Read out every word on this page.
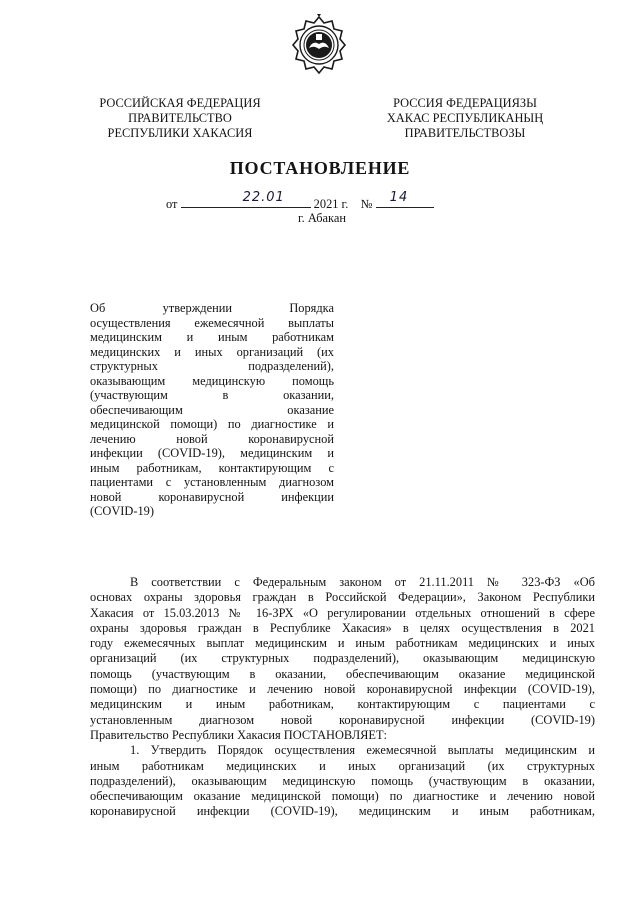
РОССИЙСКАЯ ФЕДЕРАЦИЯ
ПРАВИТЕЛЬСТВО
РЕСПУБЛИКИ ХАКАСИЯ
РОССИЯ ФЕДЕРАЦИЯЗЫ
ХАКАС РЕСПУБЛИКАНЫҢ
ПРАВИТЕЛЬСТВОЗЫ
ПОСТАНОВЛЕНИЕ
от	22.01 2021 г. № 14
г. Абакан
Об утверждении Порядка
осуществления ежемесячной выплаты
медицинским и иным работникам
медицинских и иных организаций (их
структурных подразделений),
оказывающим медицинскую помощь
(участвующим в оказании,
обеспечивающим оказание
медицинской помощи) по диагностике и
лечению новой коронавирусной
инфекции (COVID-19), медицинским и
иным работникам, контактирующим с
пациентами с установленным диагнозом
новой коронавирусной инфекции
(COVID-19)
В соответствии с Федеральным законом от 21.11.2011 № 323-ФЗ «Об
основах охраны здоровья граждан в Российской Федерации», Законом Республики
Хакасия от 15.03.2013 № 16-ЗРХ «О регулировании отдельных отношений в сфере
охраны здоровья граждан в Республике Хакасия» в целях осуществления в 2021
году ежемесячных выплат медицинским и иным работникам медицинских и иных
организаций (их структурных подразделений), оказывающим медицинскую
помощь (участвующим в оказании, обеспечивающим оказание медицинской
помощи) по диагностике и лечению новой коронавирусной инфекции (COVID-19),
медицинским и иным работникам, контактирующим с пациентами с
установленным диагнозом новой коронавирусной инфекции (COVID-19)
Правительство Республики Хакасия ПОСТАНОВЛЯЕТ:
1. Утвердить Порядок осуществления ежемесячной выплаты медицинским и
иным работникам медицинских и иных организаций (их структурных
подразделений), оказывающим медицинскую помощь (участвующим в оказании,
обеспечивающим оказание медицинской помощи) по диагностике и лечению новой
коронавирусной инфекции (COVID-19), медицинским и иным работникам,
